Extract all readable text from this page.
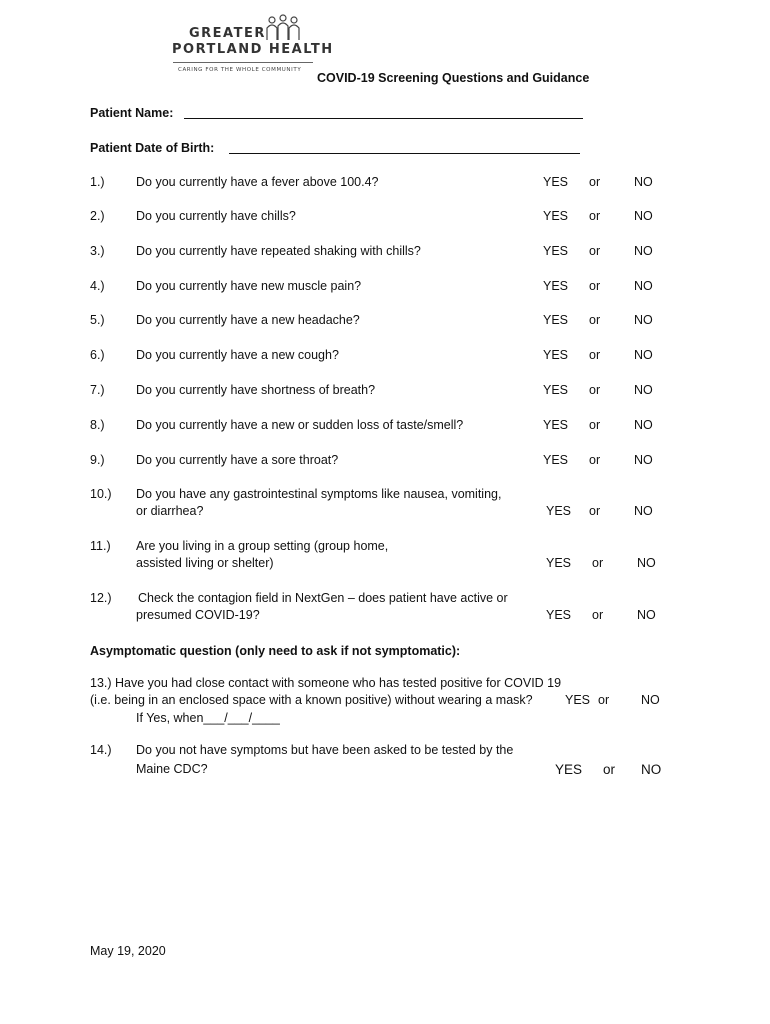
GREATER
PORTLAND HEALTH
CARING FOR THE WHOLE COMMUNITY
COVID-19 Screening Questions and Guidance
Patient Name:
Patient Date of Birth:
1.)	Do you currently have a fever above 100.4?	YES or	NO
2.)	Do you currently have chills?	YES or	NO
3.)	Do you currently have repeated shaking with chills?	YES or	NO
4.)	Do you currently have new muscle pain?	YES or	NO
5.)	Do you currently have a new headache?	YES or	NO
6.)	Do you currently have a new cough?	YES or	NO
7.)	Do you currently have shortness of breath?	YES or	NO
8.)	Do you currently have a new or sudden loss of taste/smell?	YES or	NO
9.)	Do you currently have a sore throat?	YES or	NO
10.) Do you have any gastrointestinal symptoms like nausea, vomiting,
or diarrhea?	YES or	NO
11.) Are you living in a group setting (group home,
assisted living or shelter)	YES or	NO
12.) Check the contagion field in NextGen – does patient have active or
presumed COVID-19?	YES or	NO
Asymptomatic question (only need to ask if not symptomatic):
13.) Have you had close contact with someone who has tested positive for COVID 19
(i.e. being in an enclosed space with a known positive) without wearing a mask?
If Yes, when___/___/____
YES or	NO
14.) Do you not have symptoms but have been asked to be tested by the
Maine CDC?	YES or NO
May 19, 2020
